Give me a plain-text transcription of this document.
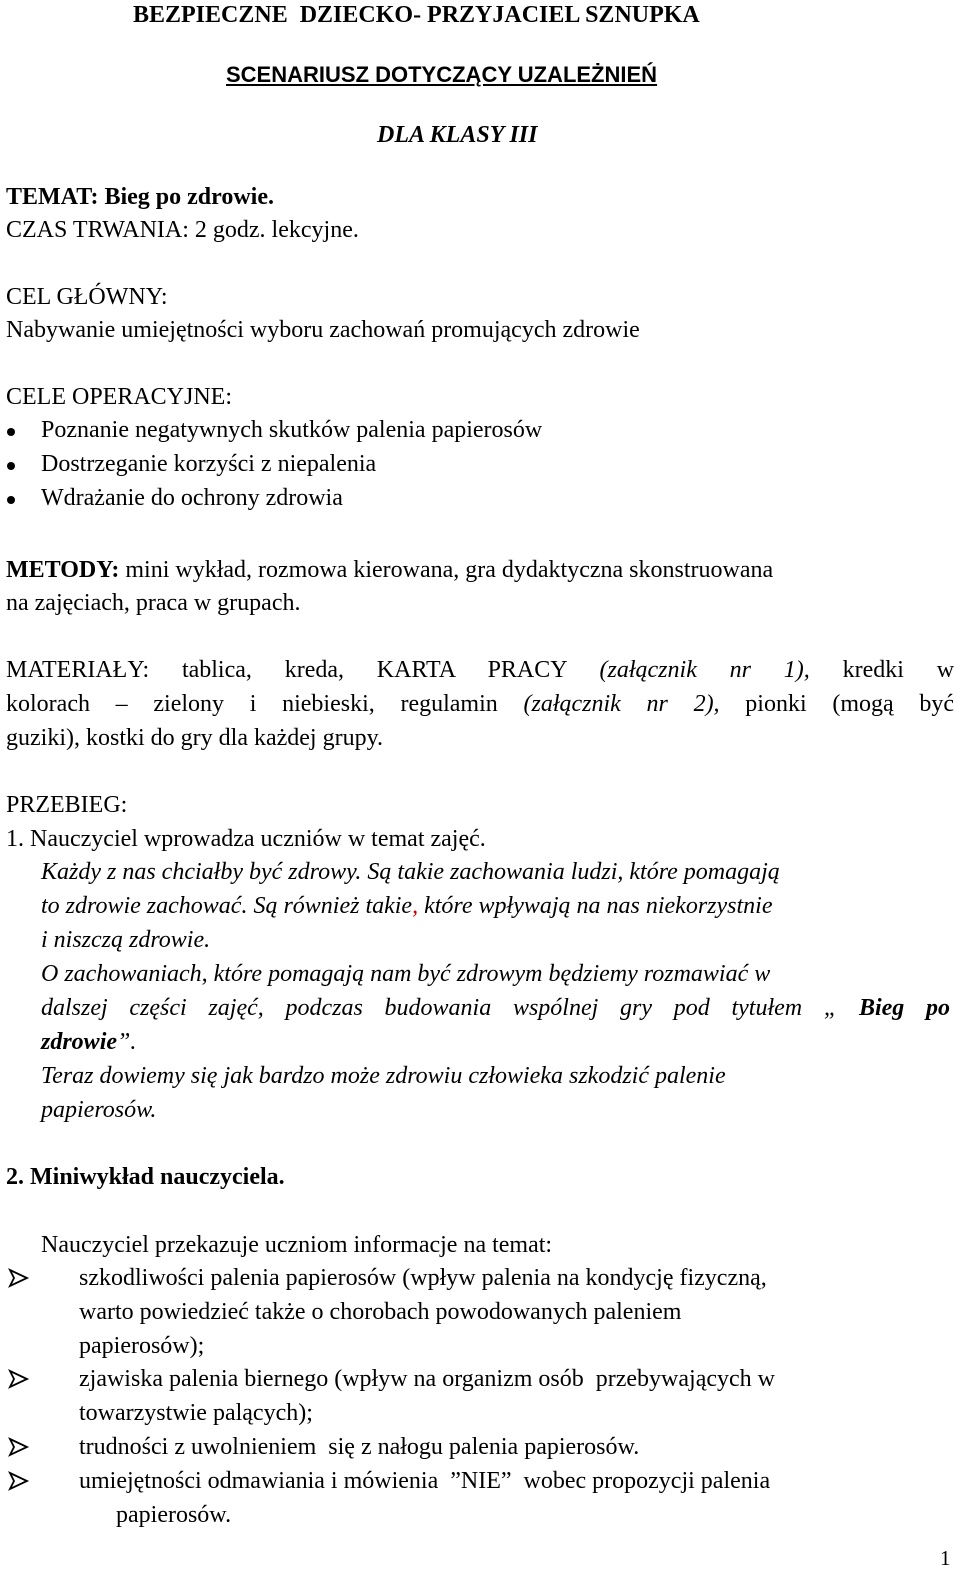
BEZPIECZNE  DZIECKO- PRZYJACIEL SZNUPKA
SCENARIUSZ DOTYCZĄCY UZALEŻNIEŃ
DLA KLASY III
TEMAT: Bieg po zdrowie.
CZAS TRWANIA: 2 godz. lekcyjne.
CEL GŁÓWNY:
Nabywanie umiejętności wyboru zachowań promujących zdrowie
CELE OPERACYJNE:
Poznanie negatywnych skutków palenia papierosów
Dostrzeganie korzyści z niepalenia
Wdrażanie do ochrony zdrowia
METODY: mini wykład, rozmowa kierowana, gra dydaktyczna skonstruowana
na zajęciach, praca w grupach.
MATERIAŁY: tablica, kreda, KARTA PRACY (załącznik nr 1), kredki w
kolorach – zielony i niebieski, regulamin (załącznik nr 2), pionki (mogą być
guziki), kostki do gry dla każdej grupy.
PRZEBIEG:
1. Nauczyciel wprowadza uczniów w temat zajęć.
Każdy z nas chciałby być zdrowy. Są takie zachowania ludzi, które pomagają
to zdrowie zachować. Są również takie, które wpływają na nas niekorzystnie
i niszczą zdrowie.
O zachowaniach, które pomagają nam być zdrowym będziemy rozmawiać w
dalszej części zajęć, podczas budowania wspólnej gry pod tytułem „ Bieg po
zdrowie”.
Teraz dowiemy się jak bardzo może zdrowiu człowieka szkodzić palenie
papierosów.
2. Miniwykład nauczyciela.
Nauczyciel przekazuje uczniom informacje na temat:
szkodliwości palenia papierosów (wpływ palenia na kondycję fizyczną,
warto powiedzieć także o chorobach powodowanych paleniem
papierosów);
zjawiska palenia biernego (wpływ na organizm osób  przebywających w
towarzystwie palących);
trudności z uwolnieniem  się z nałogu palenia papierosów.
umiejętności odmawiania i mówienia  ”NIE”  wobec propozycji palenia
papierosów.
1
